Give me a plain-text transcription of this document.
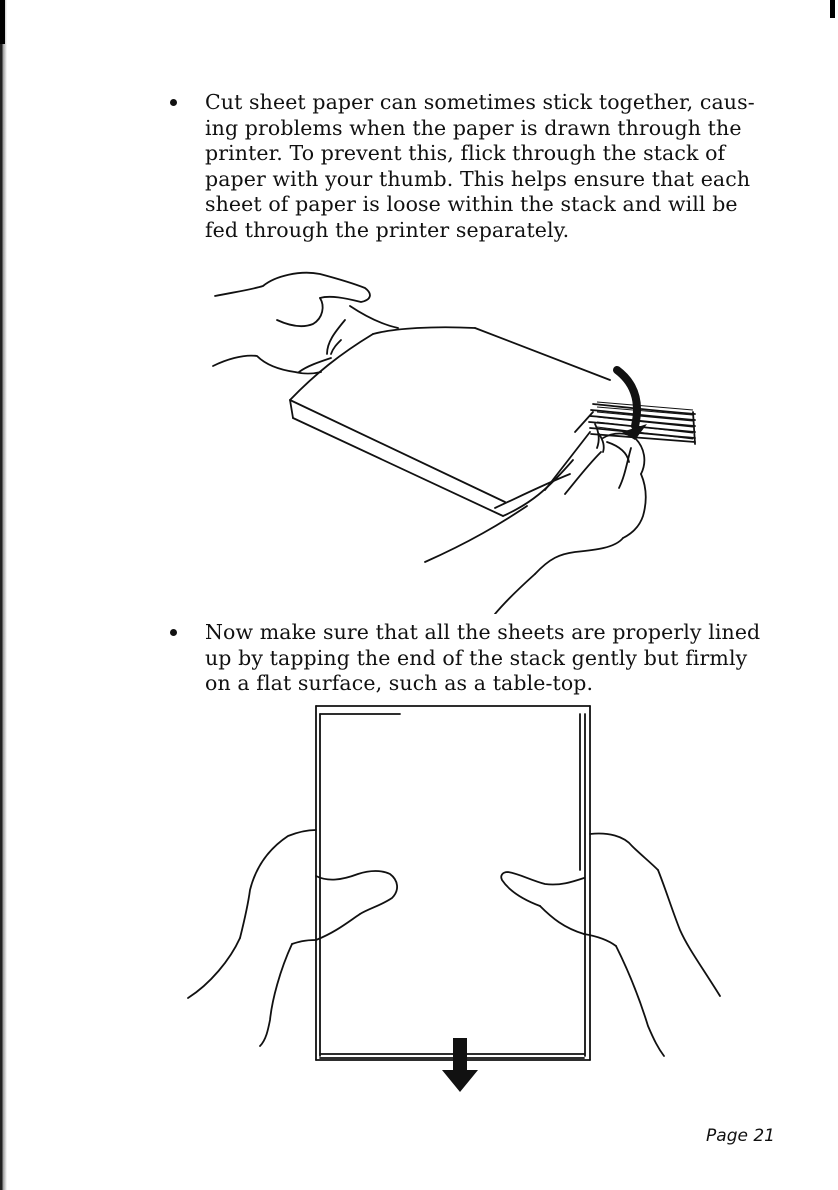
Cut sheet paper can sometimes stick together, caus-
ing problems when the paper is drawn through the
printer. To prevent this, flick through the stack of
paper with your thumb. This helps ensure that each
sheet of paper is loose within the stack and will be
fed through the printer separately.
Now make sure that all the sheets are properly lined
up by tapping the end of the stack gently but firmly
on a flat surface, such as a table-top.
Page 21
